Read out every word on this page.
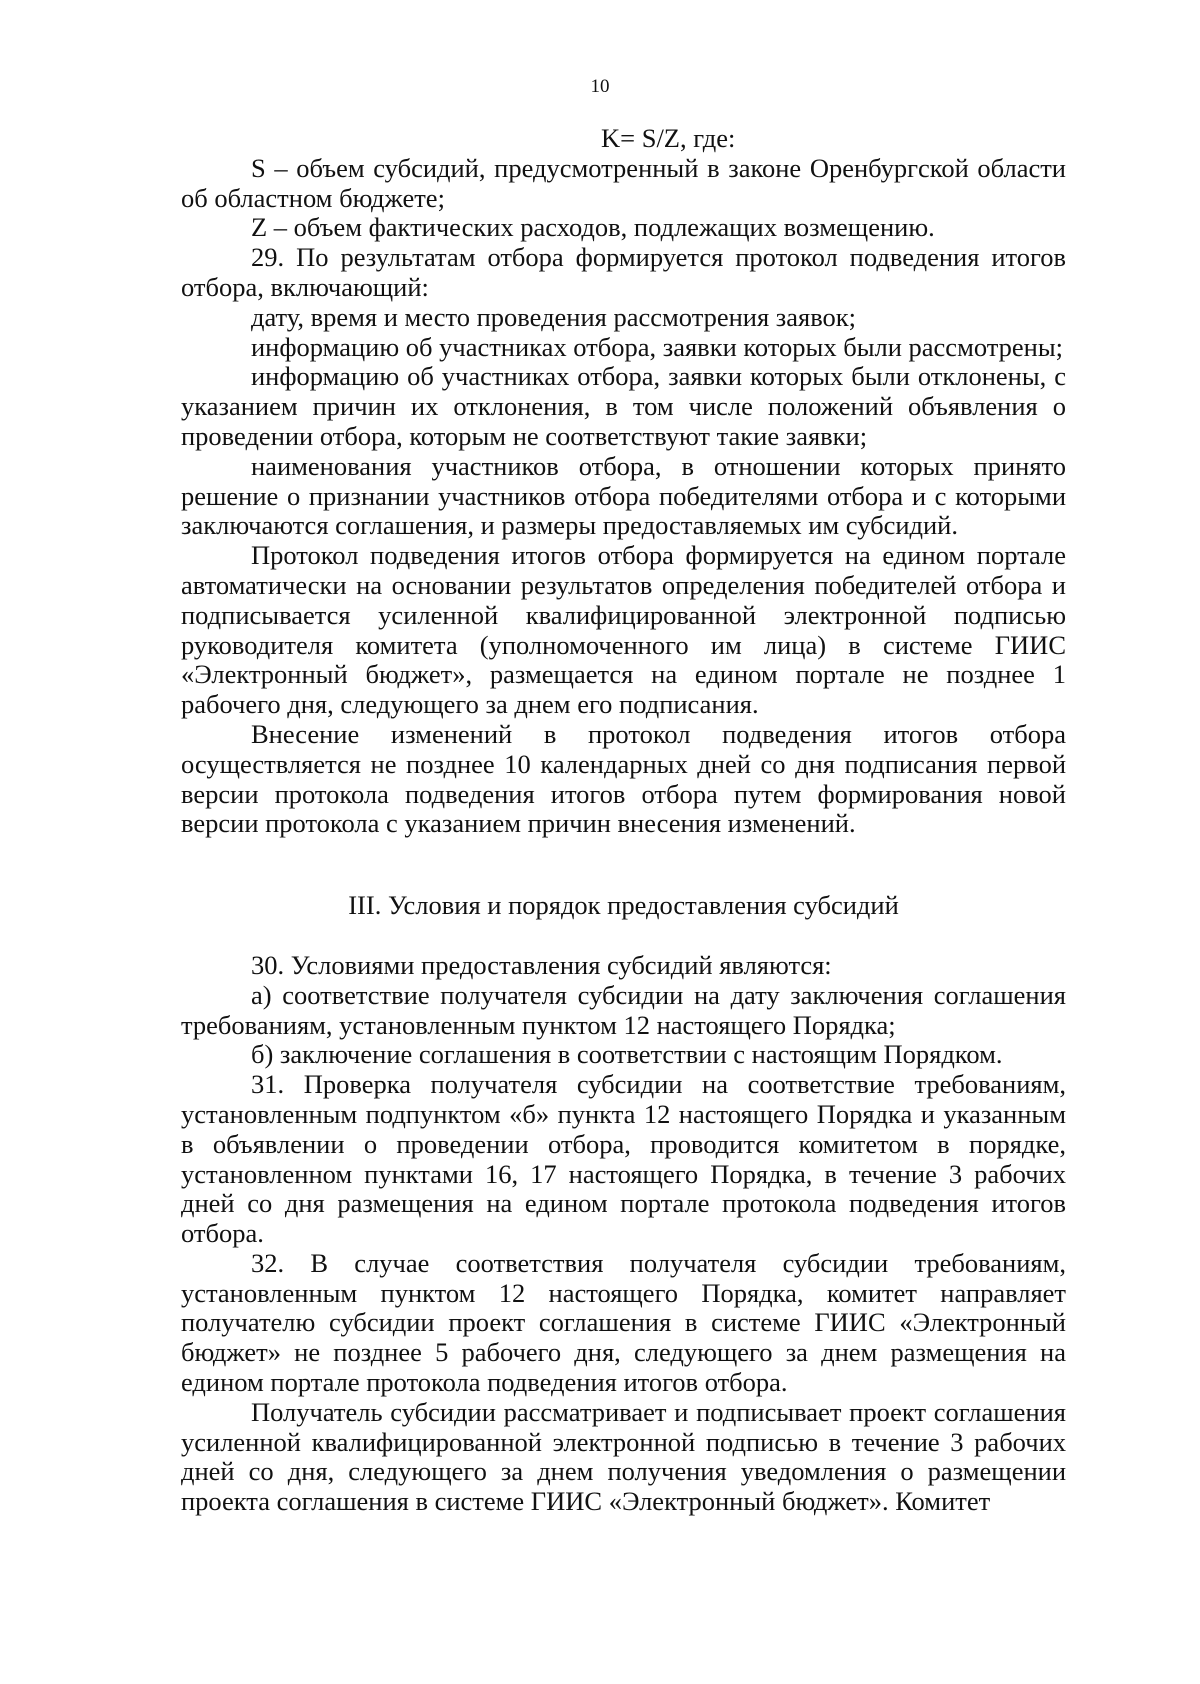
10

K= S/Z, где:

S – объем субсидий, предусмотренный в законе Оренбургской области об областном бюджете;

Z – объем фактических расходов, подлежащих возмещению.

29. По результатам отбора формируется протокол подведения итогов отбора, включающий:

дату, время и место проведения рассмотрения заявок;

информацию об участниках отбора, заявки которых были рассмотрены;

информацию об участниках отбора, заявки которых были отклонены, с указанием причин их отклонения, в том числе положений объявления о проведении отбора, которым не соответствуют такие заявки;

наименования участников отбора, в отношении которых принято решение о признании участников отбора победителями отбора и с которыми заключаются соглашения, и размеры предоставляемых им субсидий.

Протокол подведения итогов отбора формируется на едином портале автоматически на основании результатов определения победителей отбора и подписывается усиленной квалифицированной электронной подписью руководителя комитета (уполномоченного им лица) в системе ГИИС «Электронный бюджет», размещается на едином портале не позднее 1 рабочего дня, следующего за днем его подписания.

Внесение изменений в протокол подведения итогов отбора осуществляется не позднее 10 календарных дней со дня подписания первой версии протокола подведения итогов отбора путем формирования новой версии протокола с указанием причин внесения изменений.

III. Условия и порядок предоставления субсидий

30. Условиями предоставления субсидий являются:

а) соответствие получателя субсидии на дату заключения соглашения требованиям, установленным пунктом 12 настоящего Порядка;

б) заключение соглашения в соответствии с настоящим Порядком.

31. Проверка получателя субсидии на соответствие требованиям, установленным подпунктом «б» пункта 12 настоящего Порядка и указанным в объявлении о проведении отбора, проводится комитетом в порядке, установленном пунктами 16, 17 настоящего Порядка, в течение 3 рабочих дней со дня размещения на едином портале протокола подведения итогов отбора.

32. В случае соответствия получателя субсидии требованиям, установленным пунктом 12 настоящего Порядка, комитет направляет получателю субсидии проект соглашения в системе ГИИС «Электронный бюджет» не позднее 5 рабочего дня, следующего за днем размещения на едином портале протокола подведения итогов отбора.

Получатель субсидии рассматривает и подписывает проект соглашения усиленной квалифицированной электронной подписью в течение 3 рабочих дней со дня, следующего за днем получения уведомления о размещении проекта соглашения в системе ГИИС «Электронный бюджет». Комитет
